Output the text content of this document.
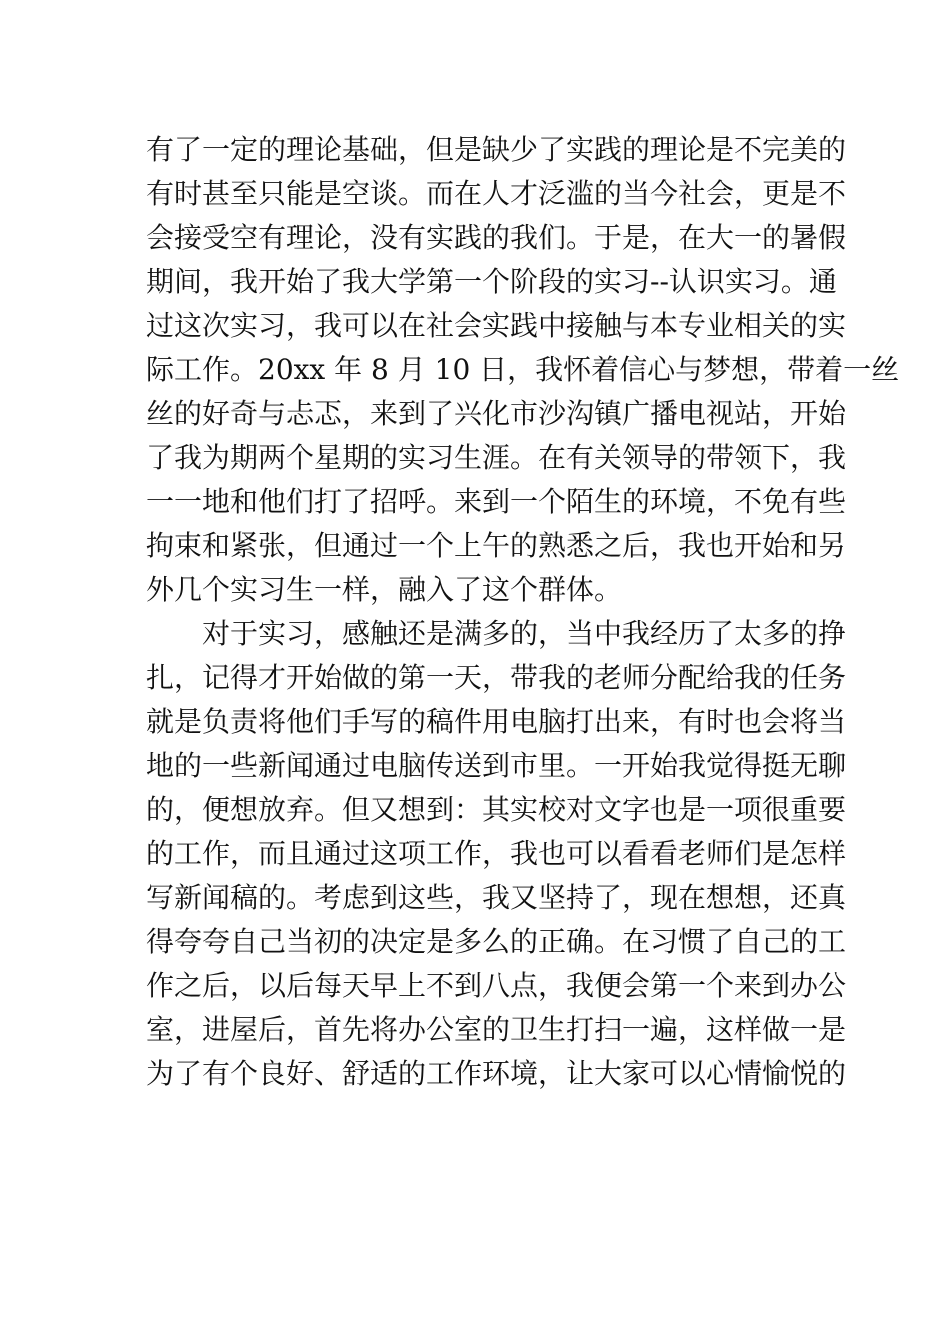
有了一定的理论基础，但是缺少了实践的理论是不完美的
有时甚至只能是空谈。而在人才泛滥的当今社会，更是不
会接受空有理论，没有实践的我们。于是，在大一的暑假
期间，我开始了我大学第一个阶段的实习--认识实习。通
过这次实习，我可以在社会实践中接触与本专业相关的实
际工作。20xx 年 8 月 10 日，我怀着信心与梦想，带着一丝
丝的好奇与忐忑，来到了兴化市沙沟镇广播电视站，开始
了我为期两个星期的实习生涯。在有关领导的带领下，我
一一地和他们打了招呼。来到一个陌生的环境，不免有些
拘束和紧张，但通过一个上午的熟悉之后，我也开始和另
外几个实习生一样，融入了这个群体。
对于实习，感触还是满多的，当中我经历了太多的挣
扎，记得才开始做的第一天，带我的老师分配给我的任务
就是负责将他们手写的稿件用电脑打出来，有时也会将当
地的一些新闻通过电脑传送到市里。一开始我觉得挺无聊
的，便想放弃。但又想到：其实校对文字也是一项很重要
的工作，而且通过这项工作，我也可以看看老师们是怎样
写新闻稿的。考虑到这些，我又坚持了，现在想想，还真
得夸夸自己当初的决定是多么的正确。在习惯了自己的工
作之后，以后每天早上不到八点，我便会第一个来到办公
室，进屋后，首先将办公室的卫生打扫一遍，这样做一是
为了有个良好、舒适的工作环境，让大家可以心情愉悦的
